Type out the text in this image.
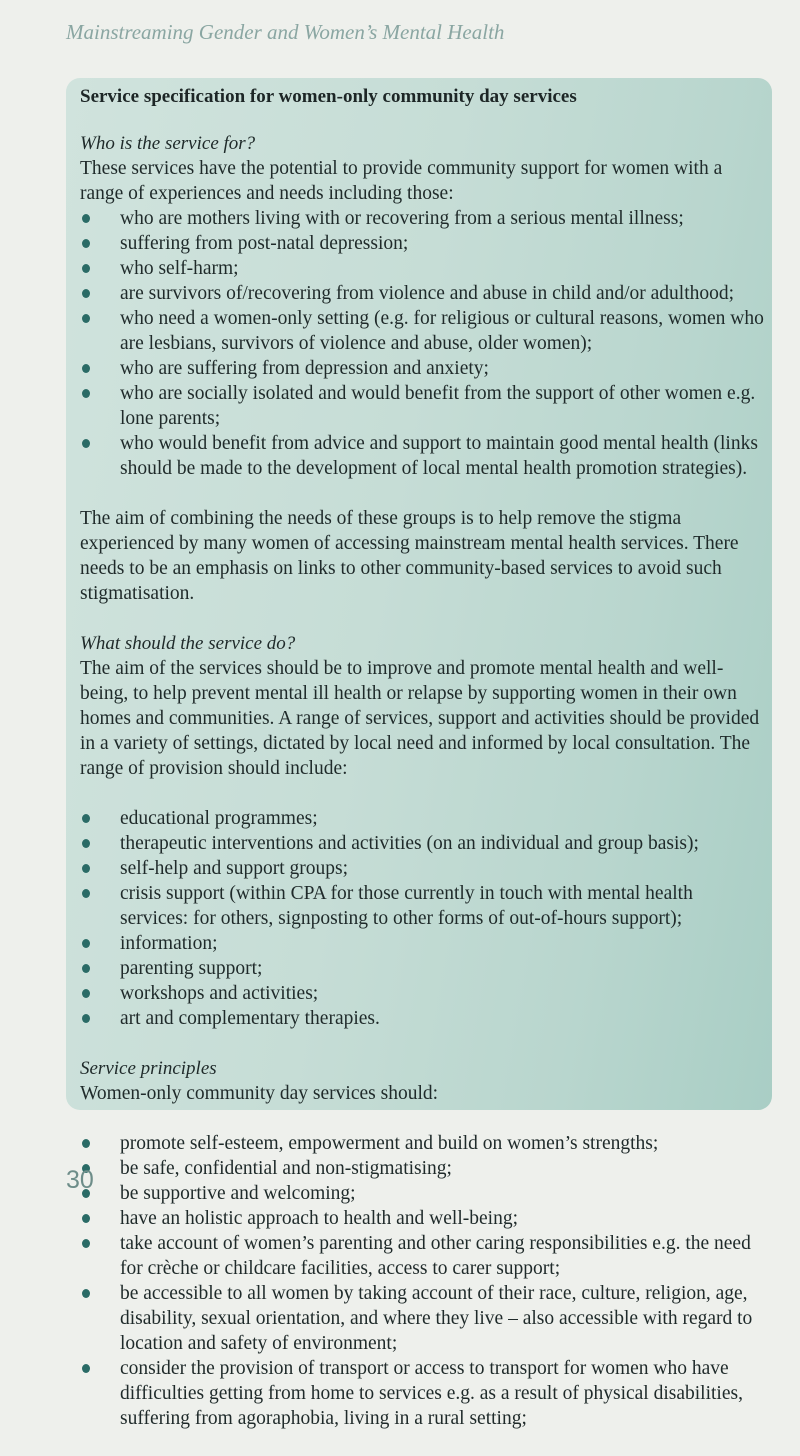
Mainstreaming Gender and Women’s Mental Health
Service specification for women-only community day services
Who is the service for?

These services have the potential to provide community support for women with a range of experiences and needs including those:

who are mothers living with or recovering from a serious mental illness;
suffering from post-natal depression;
who self-harm;
are survivors of/recovering from violence and abuse in child and/or adulthood;
who need a women-only setting (e.g. for religious or cultural reasons, women who are lesbians, survivors of violence and abuse, older women);
who are suffering from depression and anxiety;
who are socially isolated and would benefit from the support of other women e.g. lone parents;
who would benefit from advice and support to maintain good mental health (links should be made to the development of local mental health promotion strategies).

The aim of combining the needs of these groups is to help remove the stigma experienced by many women of accessing mainstream mental health services. There needs to be an emphasis on links to other community-based services to avoid such stigmatisation.

What should the service do?

The aim of the services should be to improve and promote mental health and well-being, to help prevent mental ill health or relapse by supporting women in their own homes and communities. A range of services, support and activities should be provided in a variety of settings, dictated by local need and informed by local consultation. The range of provision should include:

educational programmes;
therapeutic interventions and activities (on an individual and group basis);
self-help and support groups;
crisis support (within CPA for those currently in touch with mental health services: for others, signposting to other forms of out-of-hours support);
information;
parenting support;
workshops and activities;
art and complementary therapies.
Service principles

Women-only community day services should:

promote self-esteem, empowerment and build on women’s strengths;
be safe, confidential and non-stigmatising;
be supportive and welcoming;
have an holistic approach to health and well-being;
take account of women’s parenting and other caring responsibilities e.g. the need for crèche or childcare facilities, access to carer support;
be accessible to all women by taking account of their race, culture, religion, age, disability, sexual orientation, and where they live – also accessible with regard to location and safety of environment;
consider the provision of transport or access to transport for women who have difficulties getting from home to services e.g. as a result of physical disabilities, suffering from agoraphobia, living in a rural setting;
30
